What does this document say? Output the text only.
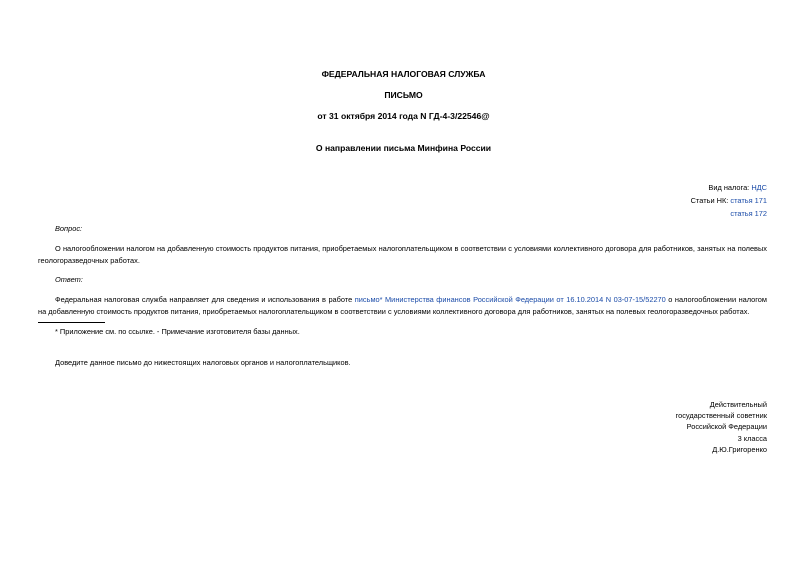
ФЕДЕРАЛЬНАЯ НАЛОГОВАЯ СЛУЖБА
ПИСЬМО
от 31 октября 2014 года N ГД-4-3/22546@
О направлении письма Минфина России
Вид налога: НДС
Статьи НК: статья 171
статья 172
Вопрос:
О налогообложении налогом на добавленную стоимость продуктов питания, приобретаемых налогоплательщиком в соответствии с условиями коллективного договора для работников, занятых на полевых геологоразведочных работах.
Ответ:
Федеральная налоговая служба направляет для сведения и использования в работе письмо* Министерства финансов Российской Федерации от 16.10.2014 N 03-07-15/52270 о налогообложении налогом на добавленную стоимость продуктов питания, приобретаемых налогоплательщиком в соответствии с условиями коллективного договора для работников, занятых на полевых геологоразведочных работах.
* Приложение см. по ссылке. - Примечание изготовителя базы данных.
Доведите данное письмо до нижестоящих налоговых органов и налогоплательщиков.
Действительный
государственный советник
Российской Федерации
3 класса
Д.Ю.Григоренко
